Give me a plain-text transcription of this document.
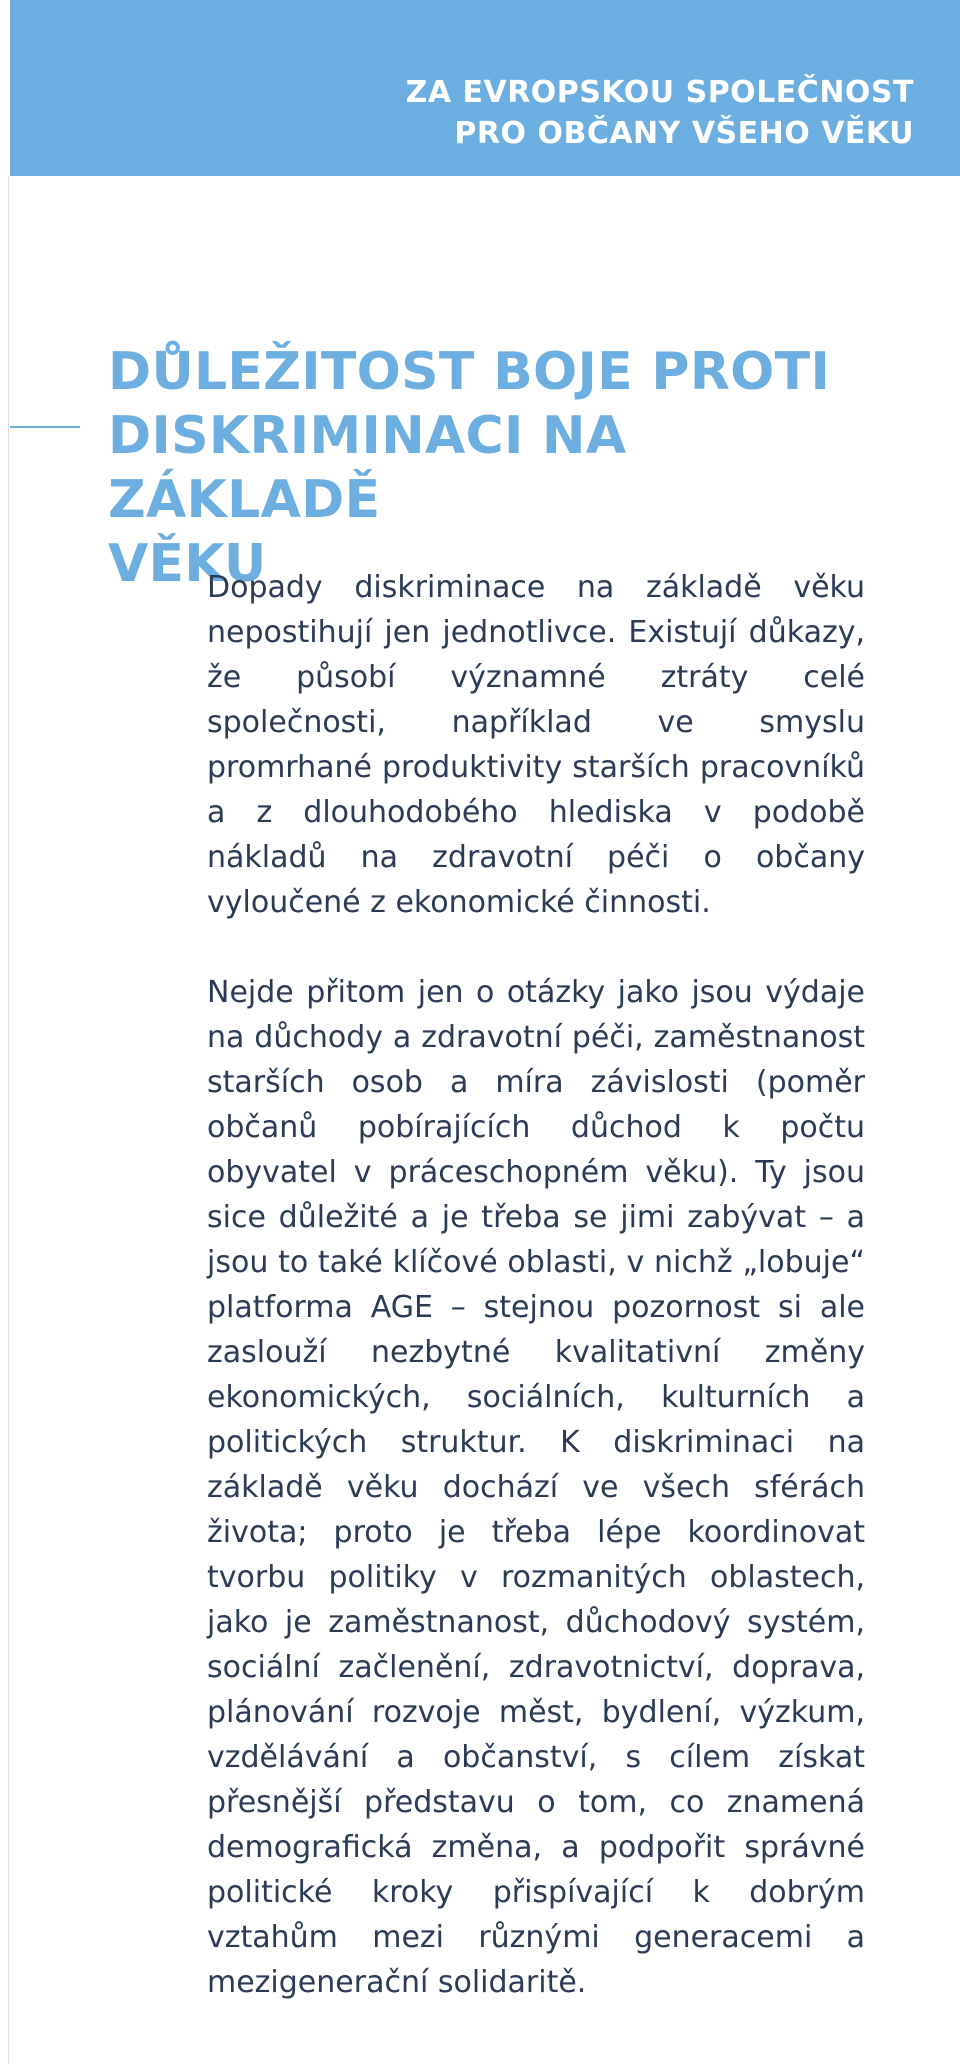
ZA EVROPSKOU SPOLEČNOST
PRO OBČANY VŠEHO VĚKU
DŮLEŽITOST BOJE PROTI
DISKRIMINACI NA ZÁKLADĚ
VĚKU

Dopady diskriminace na základě věku nepostihují jen jednotlivce. Existují důkazy, že působí významné ztráty celé společnosti, například ve smyslu promrhané produktivity starších pracovníků a z dlouhodobého hlediska v podobě nákladů na zdravotní péči o občany vyloučené z ekonomické činnosti.

Nejde přitom jen o otázky jako jsou výdaje na důchody a zdravotní péči, zaměstnanost starších osob a míra závislosti (poměr občanů pobírajících důchod k počtu obyvatel v práceschopném věku). Ty jsou sice důležité a je třeba se jimi zabývat – a jsou to také klíčové oblasti, v nichž „lobuje“ platforma AGE – stejnou pozornost si ale zaslouží nezbytné kvalitativní změny ekonomických, sociálních, kulturních a politických struktur. K diskriminaci na základě věku dochází ve všech sférách života; proto je třeba lépe koordinovat tvorbu politiky v rozmanitých oblastech, jako je zaměstnanost, důchodový systém, sociální začlenění, zdravotnictví, doprava, plánování rozvoje měst, bydlení, výzkum, vzdělávání a občanství, s cílem získat přesnější představu o tom, co znamená demografická změna, a podpořit správné politické kroky přispívající k dobrým vztahům mezi různými generacemi a mezigenerační solidaritě.
